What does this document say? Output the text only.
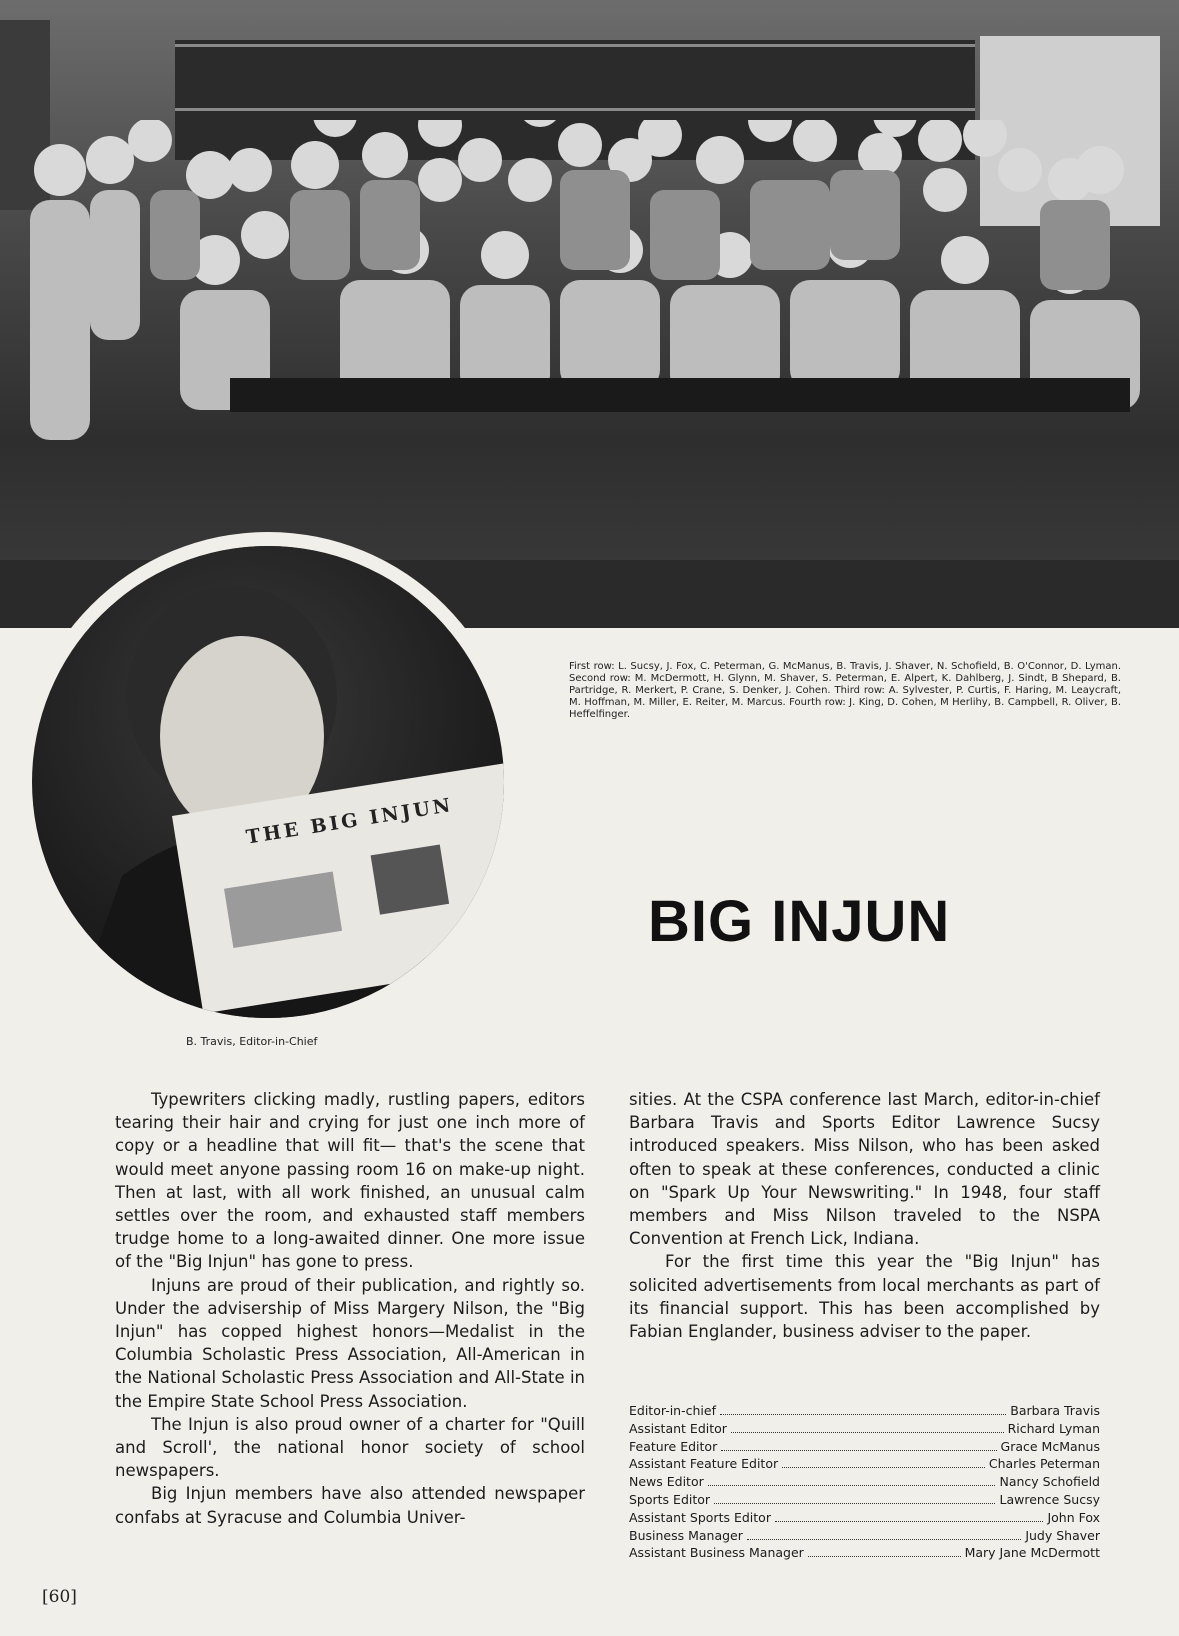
THE BIG INJUN
B. Travis, Editor-in-Chief
First row: L. Sucsy, J. Fox, C. Peterman, G. McManus, B. Travis, J. Shaver, N. Schofield, B. O'Connor, D. Lyman. Second row: M. McDermott, H. Glynn, M. Shaver, S. Peterman, E. Alpert, K. Dahlberg, J. Sindt, B Shepard, B. Partridge, R. Merkert, P. Crane, S. Denker, J. Cohen. Third row: A. Sylvester, P. Curtis, F. Haring, M. Leaycraft, M. Hoffman, M. Miller, E. Reiter, M. Marcus. Fourth row: J. King, D. Cohen, M Herlihy, B. Campbell, R. Oliver, B. Heffelfinger.
BIG INJUN

Typewriters clicking madly, rustling papers, editors tearing their hair and crying for just one inch more of copy or a headline that will fit— that's the scene that would meet anyone passing room 16 on make-up night. Then at last, with all work finished, an unusual calm settles over the room, and exhausted staff members trudge home to a long-awaited dinner. One more issue of the "Big Injun" has gone to press.

Injuns are proud of their publication, and rightly so. Under the advisership of Miss Margery Nilson, the "Big Injun" has copped highest honors—Medalist in the Columbia Scholastic Press Association, All-American in the National Scholastic Press Association and All-State in the Empire State School Press Association.

The Injun is also proud owner of a charter for "Quill and Scroll', the national honor society of school newspapers.

Big Injun members have also attended newspaper confabs at Syracuse and Columbia Univer-

sities. At the CSPA conference last March, editor-in-chief Barbara Travis and Sports Editor Lawrence Sucsy introduced speakers. Miss Nilson, who has been asked often to speak at these conferences, conducted a clinic on "Spark Up Your Newswriting." In 1948, four staff members and Miss Nilson traveled to the NSPA Convention at French Lick, Indiana.

For the first time this year the "Big Injun" has solicited advertisements from local merchants as part of its financial support. This has been accomplished by Fabian Englander, business adviser to the paper.

Editor-in-chief	Barbara Travis
Assistant Editor	Richard Lyman
Feature Editor	Grace McManus
Assistant Feature Editor	Charles Peterman
News Editor	Nancy Schofield
Sports Editor	Lawrence Sucsy
Assistant Sports Editor	John Fox
Business Manager	Judy Shaver
Assistant Business Manager	Mary Jane McDermott
[60]
